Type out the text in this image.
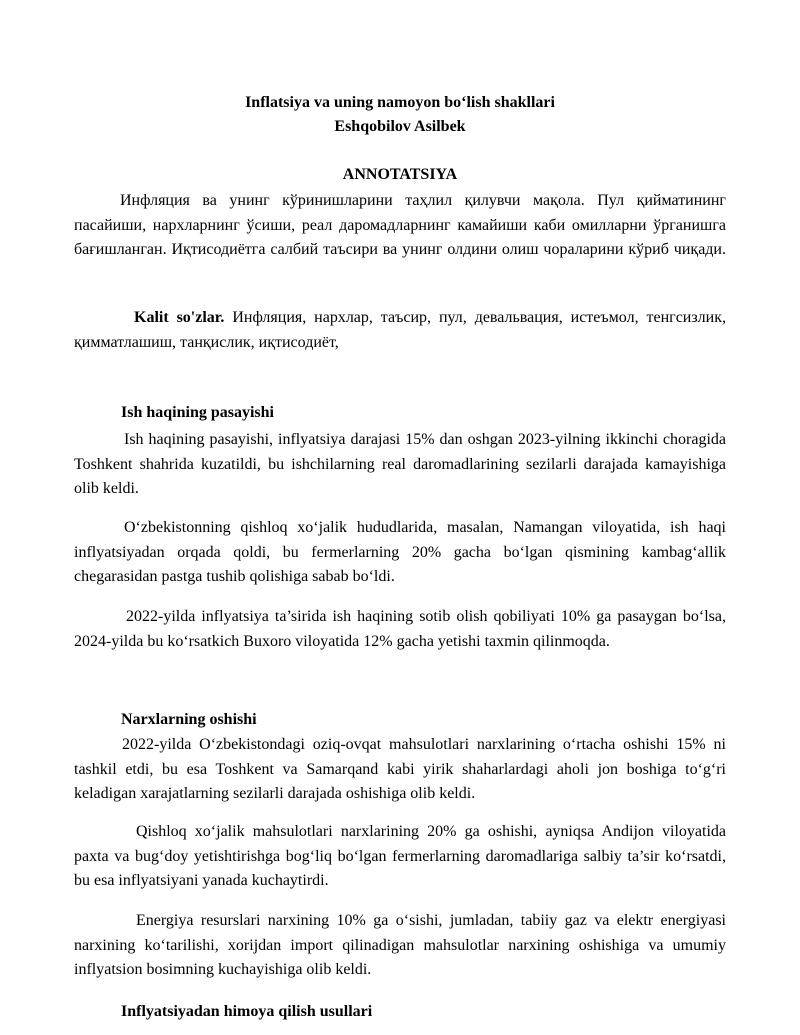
Inflatsiya va uning namoyon bo‘lish shakllari
Eshqobilov Asilbek
ANNOTATSIYA

Инфляция ва унинг кўринишларини таҳлил қилувчи мақола. Пул қийматининг пасайиши, нархларнинг ўсиши, реал даромадларнинг камайиши каби омилларни ўрганишга бағишланган. Иқтисодиётга салбий таъсири ва унинг олдини олиш чораларини кўриб чиқади.

Kalit so'zlar. Инфляция, нархлар, таъсир, пул, девальвация, истеъмол, тенгсизлик, қимматлашиш, танқислик, иқтисодиёт,

Ish haqining pasayishi

Ish haqining pasayishi, inflyatsiya darajasi 15% dan oshgan 2023-yilning ikkinchi choragida Toshkent shahrida kuzatildi, bu ishchilarning real daromadlarining sezilarli darajada kamayishiga olib keldi.

O‘zbekistonning qishloq xo‘jalik hududlarida, masalan, Namangan viloyatida, ish haqi inflyatsiyadan orqada qoldi, bu fermerlarning 20% gacha bo‘lgan qismining kambag‘allik chegarasidan pastga tushib qolishiga sabab bo‘ldi.

2022-yilda inflyatsiya ta’sirida ish haqining sotib olish qobiliyati 10% ga pasaygan bo‘lsa, 2024-yilda bu ko‘rsatkich Buxoro viloyatida 12% gacha yetishi taxmin qilinmoqda.

Narxlarning oshishi

2022-yilda O‘zbekistondagi oziq-ovqat mahsulotlari narxlarining o‘rtacha oshishi 15% ni tashkil etdi, bu esa Toshkent va Samarqand kabi yirik shaharlardagi aholi jon boshiga to‘g‘ri keladigan xarajatlarning sezilarli darajada oshishiga olib keldi.

Qishloq xo‘jalik mahsulotlari narxlarining 20% ga oshishi, ayniqsa Andijon viloyatida paxta va bug‘doy yetishtirishga bog‘liq bo‘lgan fermerlarning daromadlariga salbiy ta’sir ko‘rsatdi, bu esa inflyatsiyani yanada kuchaytirdi.

Energiya resurslari narxining 10% ga o‘sishi, jumladan, tabiiy gaz va elektr energiyasi narxining ko‘tarilishi, xorijdan import qilinadigan mahsulotlar narxining oshishiga va umumiy inflyatsion bosimning kuchayishiga olib keldi.

Inflyatsiyadan himoya qilish usullari
